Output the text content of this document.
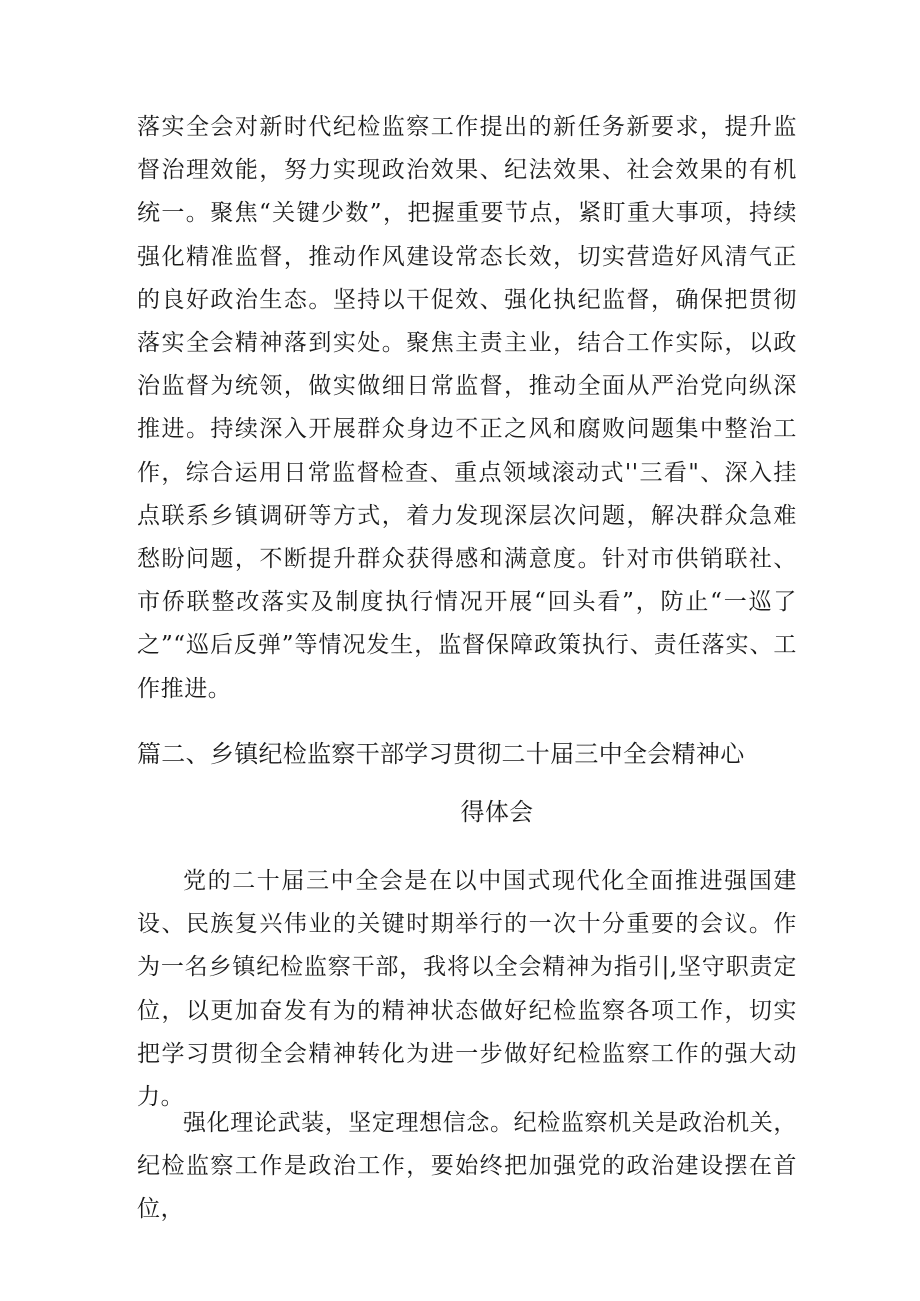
落实全会对新时代纪检监察工作提出的新任务新要求，提升监督治理效能，努力实现政治效果、纪法效果、社会效果的有机统一。聚焦“关键少数”，把握重要节点，紧盯重大事项，持续强化精准监督，推动作风建设常态长效，切实营造好风清气正的良好政治生态。坚持以干促效、强化执纪监督，确保把贯彻落实全会精神落到实处。聚焦主责主业，结合工作实际，以政治监督为统领，做实做细日常监督，推动全面从严治党向纵深推进。持续深入开展群众身边不正之风和腐败问题集中整治工作，综合运用日常监督检查、重点领域滚动式''三看"、深入挂点联系乡镇调研等方式，着力发现深层次问题，解决群众急难愁盼问题，不断提升群众获得感和满意度。针对市供销联社、市侨联整改落实及制度执行情况开展“回头看”，防止“一巡了之”“巡后反弹”等情况发生，监督保障政策执行、责任落实、工作推进。

篇二、乡镇纪检监察干部学习贯彻二十届三中全会精神心
得体会

党的二十届三中全会是在以中国式现代化全面推进强国建设、民族复兴伟业的关键时期举行的一次十分重要的会议。作为一名乡镇纪检监察干部，我将以全会精神为指引|,坚守职责定位，以更加奋发有为的精神状态做好纪检监察各项工作，切实把学习贯彻全会精神转化为进一步做好纪检监察工作的强大动力。

强化理论武装，坚定理想信念。纪检监察机关是政治机关，纪检监察工作是政治工作，要始终把加强党的政治建设摆在首位，
